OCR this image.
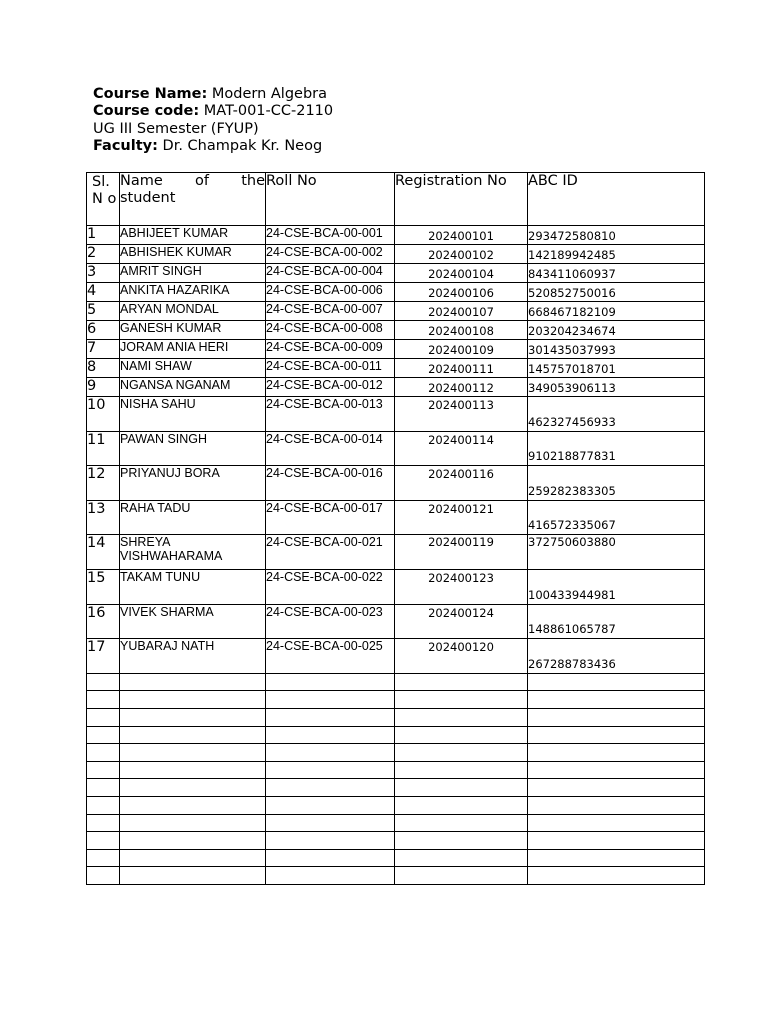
Course Name: Modern Algebra
Course code: MAT-001-CC-2110
UG III Semester (FYUP)
Faculty: Dr. Champak Kr. Neog
Sl. N o	Name of the
student	Roll No	Registration No	ABC ID
1	ABHIJEET KUMAR	24-CSE-BCA-00-001	202400101	293472580810
2	ABHISHEK KUMAR	24-CSE-BCA-00-002	202400102	142189942485
3	AMRIT SINGH	24-CSE-BCA-00-004	202400104	843411060937
4	ANKITA HAZARIKA	24-CSE-BCA-00-006	202400106	520852750016
5	ARYAN MONDAL	24-CSE-BCA-00-007	202400107	668467182109
6	GANESH KUMAR	24-CSE-BCA-00-008	202400108	203204234674
7	JORAM ANIA HERI	24-CSE-BCA-00-009	202400109	301435037993
8	NAMI SHAW	24-CSE-BCA-00-011	202400111	145757018701
9	NGANSA NGANAM	24-CSE-BCA-00-012	202400112	349053906113
10	NISHA SAHU	24-CSE-BCA-00-013	202400113	462327456933
11	PAWAN SINGH	24-CSE-BCA-00-014	202400114	910218877831
12	PRIYANUJ BORA	24-CSE-BCA-00-016	202400116	259282383305
13	RAHA TADU	24-CSE-BCA-00-017	202400121	416572335067
14	SHREYA VISHWAHARAMA	24-CSE-BCA-00-021	202400119	372750603880
15	TAKAM TUNU	24-CSE-BCA-00-022	202400123	100433944981
16	VIVEK SHARMA	24-CSE-BCA-00-023	202400124	148861065787
17	YUBARAJ NATH	24-CSE-BCA-00-025	202400120	267288783436
